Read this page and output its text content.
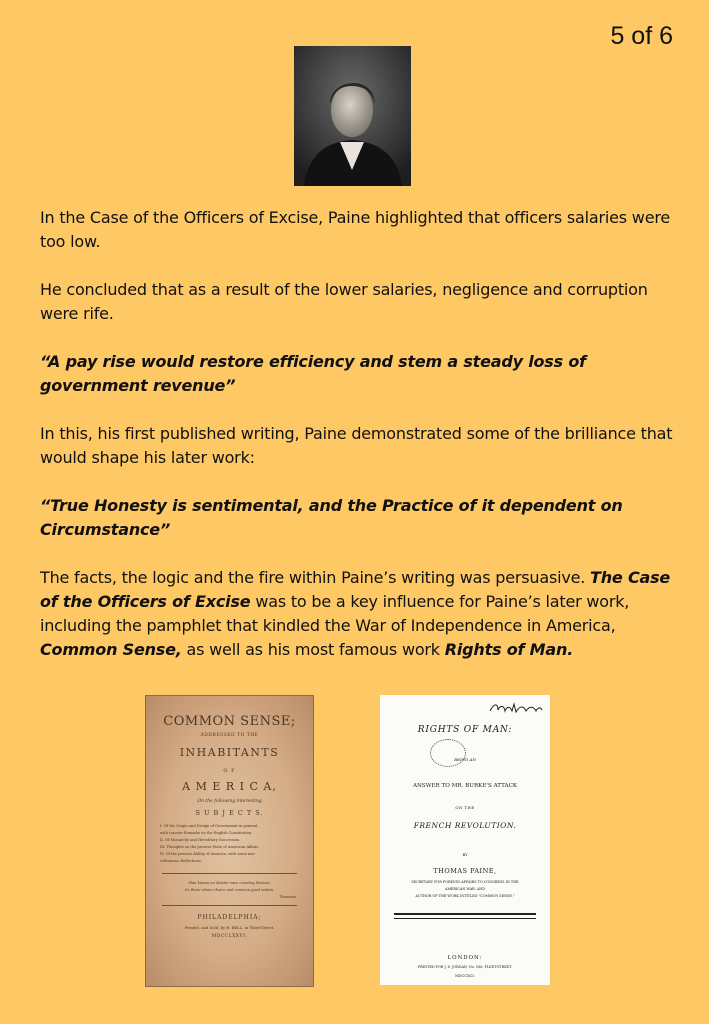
5 of 6

In the Case of the Officers of Excise, Paine highlighted that officers salaries were too low.

He concluded that as a result of the lower salaries, negligence and corruption were rife.

“A pay rise would restore efficiency and stem a steady loss of government revenue”

In this, his first published writing, Paine demonstrated some of the brilliance that would shape his later work:

“True Honesty is sentimental, and the Practice of it dependent on Circumstance”

The facts, the logic and the fire within Paine’s writing was persuasive. The Case of the Officers of Excise was to be a key influence for Paine’s later work, including the pamphlet that kindled the War of Independence in America, Common Sense, as well as his most famous work Rights of Man.

COMMON SENSE;
ADDRESSED TO THE
INHABITANTS
O F
A M E R I C A,
On the following interesting
S U B J E C T S.
I. Of the Origin and Design of Government in general,
with concise Remarks on the English Constitution.
II. Of Monarchy and Hereditary Succession.
III. Thoughts on the present State of American Affairs.
IV. Of the present Ability of America, with some mis-
cellaneous Reflections.
Man knows no Master save creating Heaven,
Or those whom choice and common good ordain.
Thomson.
PHILADELPHIA;
Printed, and Sold, by R. BELL, in Third-Street.
MDCCLXXVI.
RIGHTS OF MAN:
BEING AN
ANSWER TO MR. BURKE'S ATTACK
ON THE
FRENCH REVOLUTION.
BY
THOMAS PAINE,
SECRETARY FOR FOREIGN AFFAIRS TO CONGRESS IN THE
AMERICAN WAR, AND
AUTHOR OF THE WORK INTITLED "COMMON SENSE."
LONDON:
PRINTED FOR J. S. JORDAN, No. 166, FLEET-STREET.
MDCCXCI.
